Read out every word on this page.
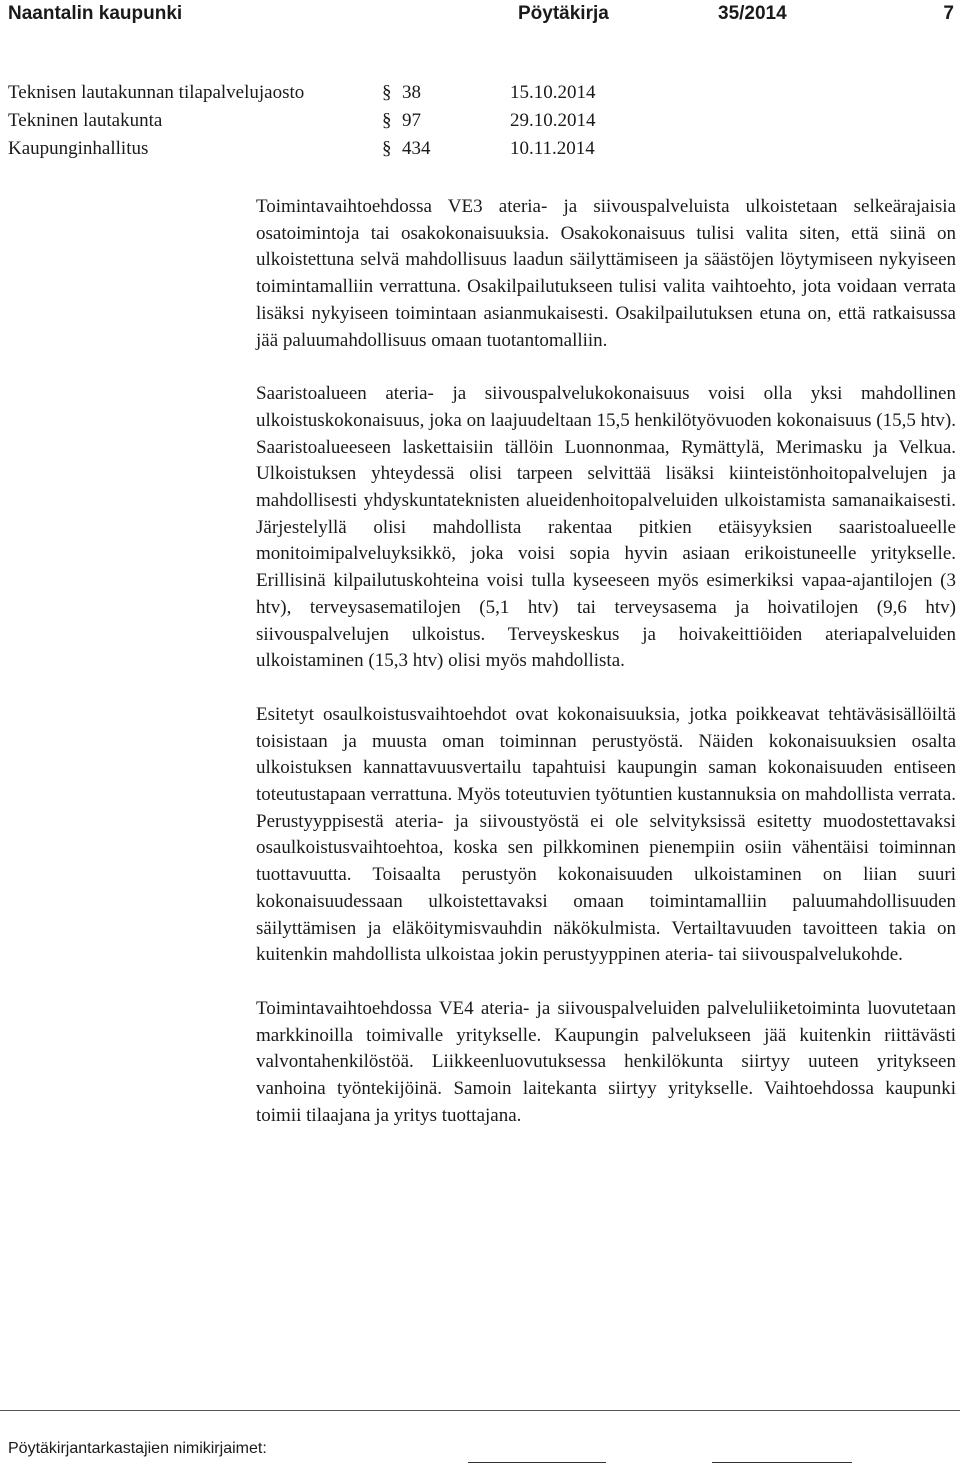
Naantalin kaupunki	Pöytäkirja	35/2014	7
Teknisen lautakunnan tilapalvelujaosto	§ 38	15.10.2014
Tekninen lautakunta	§ 97	29.10.2014
Kaupunginhallitus	§ 434	10.11.2014

Toimintavaihtoehdossa VE3 ateria- ja siivouspalveluista ulkoistetaan selkeärajaisia osatoimintoja tai osakokonaisuuksia. Osakokonaisuus tulisi valita siten, että siinä on ulkoistettuna selvä mahdollisuus laadun säilyttämiseen ja säästöjen löytymiseen nykyiseen toimintamalliin verrattuna. Osakilpailutukseen tulisi valita vaihtoehto, jota voidaan verrata lisäksi nykyiseen toimintaan asianmukaisesti. Osakilpailutuksen etuna on, että ratkaisussa jää paluumahdollisuus omaan tuotantomalliin.

Saaristoalueen ateria- ja siivouspalvelukokonaisuus voisi olla yksi mahdollinen ulkoistuskokonaisuus, joka on laajuudeltaan 15,5 henkilötyövuoden kokonaisuus (15,5 htv). Saaristoalueeseen laskettaisiin tällöin Luonnonmaa, Rymättylä, Merimasku ja Velkua. Ulkoistuksen yhteydessä olisi tarpeen selvittää lisäksi kiinteistönhoitopalvelujen ja mahdollisesti yhdyskuntateknisten alueidenhoitopalveluiden ulkoistamista samanaikaisesti. Järjestelyllä olisi mahdollista rakentaa pitkien etäisyyksien saaristoalueelle monitoimipalveluyksikkö, joka voisi sopia hyvin asiaan erikoistuneelle yritykselle. Erillisinä kilpailutuskohteina voisi tulla kyseeseen myös esimerkiksi vapaa-ajantilojen (3 htv), terveysasematilojen (5,1 htv) tai terveysasema ja hoivatilojen (9,6 htv) siivouspalvelujen ulkoistus. Terveyskeskus ja hoivakeittiöiden ateriapalveluiden ulkoistaminen (15,3 htv) olisi myös mahdollista.

Esitetyt osaulkoistusvaihtoehdot ovat kokonaisuuksia, jotka poikkeavat tehtäväsisällöiltä toisistaan ja muusta oman toiminnan perustyöstä. Näiden kokonaisuuksien osalta ulkoistuksen kannattavuusvertailu tapahtuisi kaupungin saman kokonaisuuden entiseen toteutustapaan verrattuna. Myös toteutuvien työtuntien kustannuksia on mahdollista verrata. Perustyyppisestä ateria- ja siivoustyöstä ei ole selvityksissä esitetty muodostettavaksi osaulkoistusvaihtoehtoa, koska sen pilkkominen pienempiin osiin vähentäisi toiminnan tuottavuutta. Toisaalta perustyön kokonaisuuden ulkoistaminen on liian suuri kokonaisuudessaan ulkoistettavaksi omaan toimintamalliin paluumahdollisuuden säilyttämisen ja eläköitymisvauhdin näkökulmista. Vertailtavuuden tavoitteen takia on kuitenkin mahdollista ulkoistaa jokin perustyyppinen ateria- tai siivouspalvelukohde.

Toimintavaihtoehdossa VE4 ateria- ja siivouspalveluiden palveluliiketoiminta luovutetaan markkinoilla toimivalle yritykselle. Kaupungin palvelukseen jää kuitenkin riittävästi valvontahenkilöstöä. Liikkeenluovutuksessa henkilökunta siirtyy uuteen yritykseen vanhoina työntekijöinä. Samoin laitekanta siirtyy yritykselle. Vaihtoehdossa kaupunki toimii tilaajana ja yritys tuottajana.

Pöytäkirjantarkastajien nimikirjaimet:
